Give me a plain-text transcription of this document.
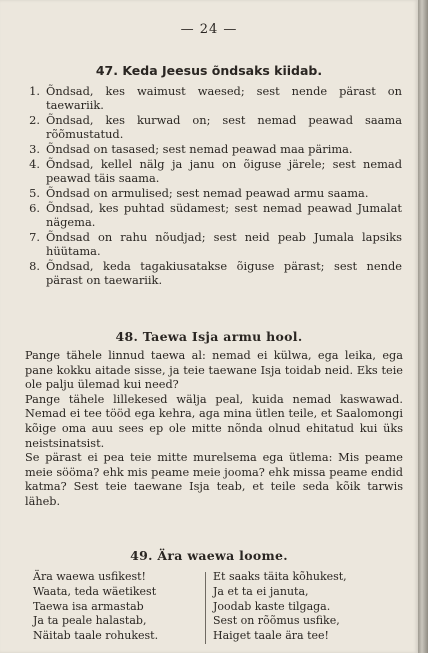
— 24 —
47. Keda Jeesus õndsaks kiidab.
1. Õndsad, kes waimust waesed; sest nende pärast on taewariik.
2. Õndsad, kes kurwad on; sest nemad peawad saama rõõmustatud.
3. Õndsad on tasased; sest nemad peawad maa pärima.
4. Õndsad, kellel nälg ja janu on õiguse järele; sest nemad peawad täis saama.
5. Õndsad on armulised; sest nemad peawad armu saama.
6. Õndsad, kes puhtad südamest; sest nemad peawad Jumalat nägema.
7. Õndsad on rahu nõudjad; sest neid peab Jumala lapsiks hüütama.
8. Õndsad, keda tagakiusatakse õiguse pärast; sest nende pärast on taewariik.
48. Taewa Isja armu hool.

Pange tähele linnud taewa al: nemad ei külwa, ega leika, ega pane kokku aitade sisse, ja teie taewane Isja toidab neid. Eks teie ole palju ülemad kui need?

Pange tähele lillekesed wälja peal, kuida nemad kaswawad. Nemad ei tee tööd ega kehra, aga mina ütlen teile, et Saalomongi kõige oma auu sees ep ole mitte nõnda olnud ehitatud kui üks neistsinatsist.

Se pärast ei pea teie mitte murelsema ega ütlema: Mis peame meie sööma? ehk mis peame meie jooma? ehk missa peame endid katma? Sest teie taewane Isja teab, et teile seda kõik tarwis läheb.

49. Ära waewa loome.
Ära waewa usfikest!
Waata, teda wäetikest
Taewa isa armastab
Ja ta peale halastab,
Näitab taale rohukest.
Et saaks täita kõhukest,
Ja et ta ei januta,
Joodab kaste tilgaga.
Sest on rõõmus usfike,
Haiget taale ära tee!
